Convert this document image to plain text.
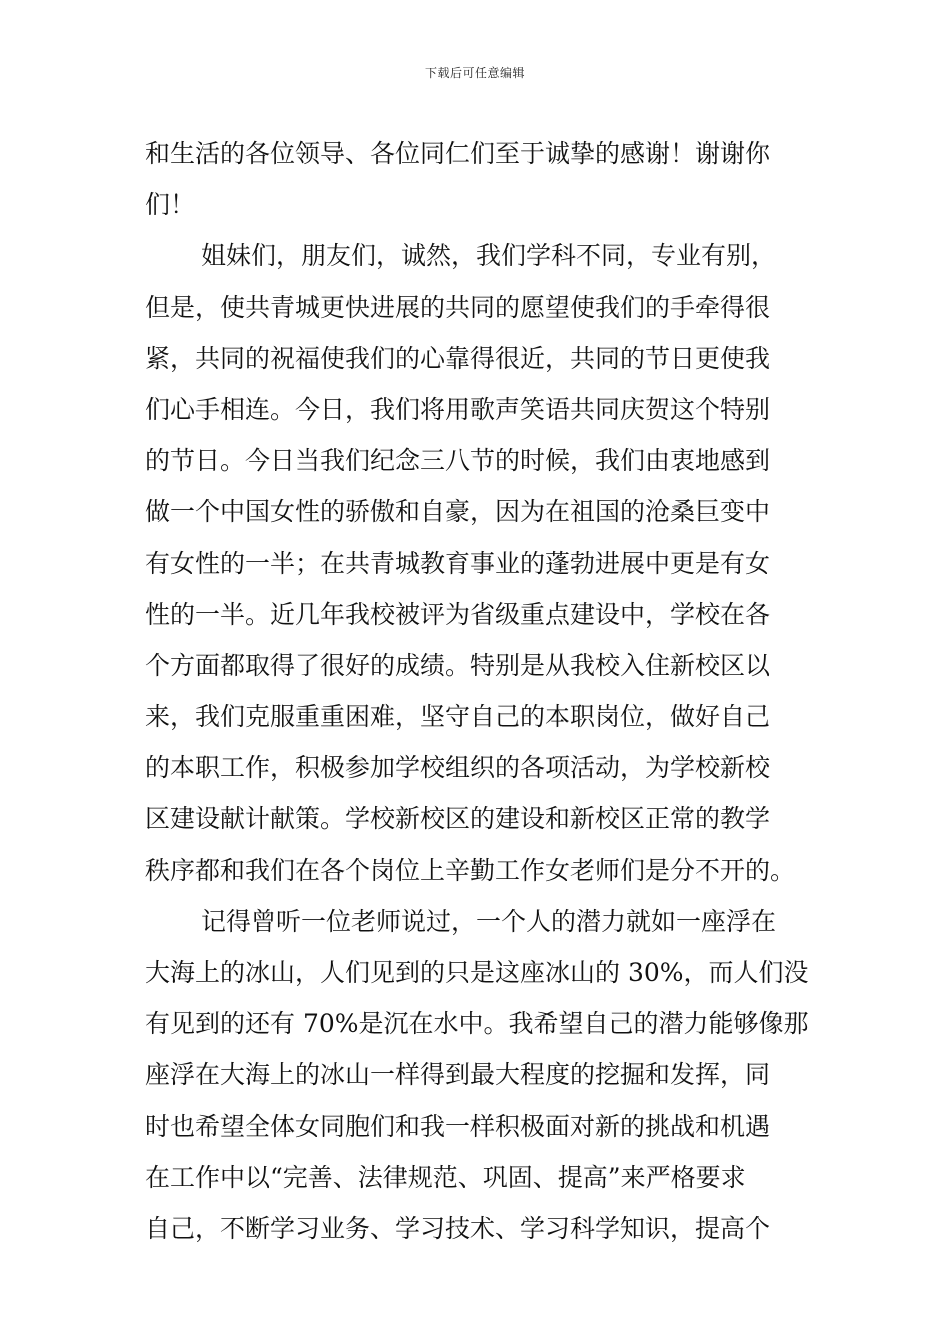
下载后可任意编辑
和生活的各位领导、各位同仁们至于诚挚的感谢！谢谢你
们！
姐妹们，朋友们，诚然，我们学科不同，专业有别，
但是，使共青城更快进展的共同的愿望使我们的手牵得很
紧，共同的祝福使我们的心靠得很近，共同的节日更使我
们心手相连。今日，我们将用歌声笑语共同庆贺这个特别
的节日。今日当我们纪念三八节的时候，我们由衷地感到
做一个中国女性的骄傲和自豪，因为在祖国的沧桑巨变中
有女性的一半；在共青城教育事业的蓬勃进展中更是有女
性的一半。近几年我校被评为省级重点建设中，学校在各
个方面都取得了很好的成绩。特别是从我校入住新校区以
来，我们克服重重困难，坚守自己的本职岗位，做好自己
的本职工作，积极参加学校组织的各项活动，为学校新校
区建设献计献策。学校新校区的建设和新校区正常的教学
秩序都和我们在各个岗位上辛勤工作女老师们是分不开的。
记得曾听一位老师说过，一个人的潜力就如一座浮在
大海上的冰山，人们见到的只是这座冰山的 30%，而人们没
有见到的还有 70%是沉在水中。我希望自己的潜力能够像那
座浮在大海上的冰山一样得到最大程度的挖掘和发挥，同
时也希望全体女同胞们和我一样积极面对新的挑战和机遇
在工作中以“完善、法律规范、巩固、提高”来严格要求
自己，不断学习业务、学习技术、学习科学知识，提高个
